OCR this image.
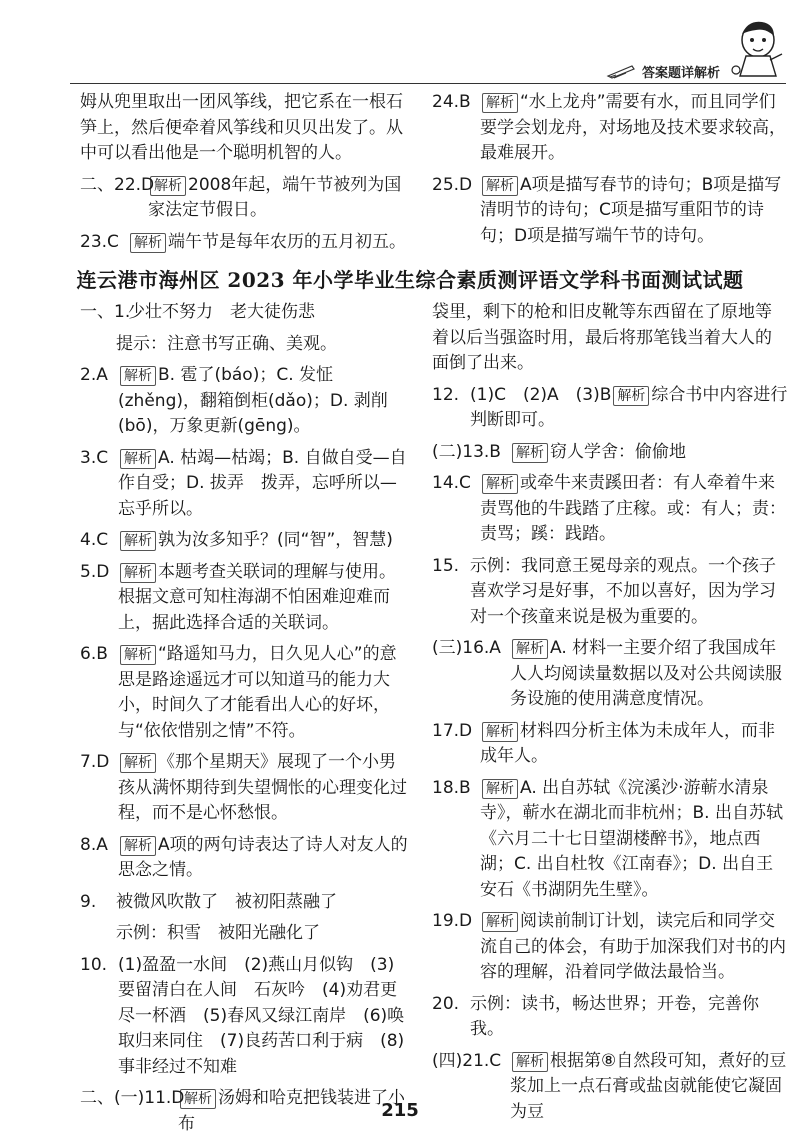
答案题详解析
姆从兜里取出一团风筝线，把它系在一根石笋上，然后便牵着风筝线和贝贝出发了。从中可以看出他是一个聪明机智的人。
二、22.D 解析 2008年起，端午节被列为国家法定节假日。
23.C 解析 端午节是每年农历的五月初五。
24.B 解析 “水上龙舟”需要有水，而且同学们要学会划龙舟，对场地及技术要求较高，最难展开。
25.D 解析 A项是描写春节的诗句；B项是描写清明节的诗句；C项是描写重阳节的诗句；D项是描写端午节的诗句。
连云港市海州区 2023 年小学毕业生综合素质测评语文学科书面测试试题
一、1.
少壮不努力　老大徒伤悲
提示：注意书写正确、美观。
2.A 解析 B. 雹了(báo)；C. 发怔(zhěng)，翻箱倒柜(dǎo)；D. 剥削(bō)，万象更新(gēng)。
3.C 解析 A. 枯竭—枯竭；B. 自做自受—自作自受；D. 拔弄　拨弄，忘呼所以—忘乎所以。
4.C 解析 孰为汝多知乎？(同“智”，智慧)
5.D 解析 本题考查关联词的理解与使用。根据文意可知柱海湖不怕困难迎难而上，据此选择合适的关联词。
6.B 解析 “路遥知马力，日久见人心”的意思是路途遥远才可以知道马的能力大小，时间久了才能看出人心的好坏，与“依依惜别之情”不符。
7.D 解析 《那个星期天》展现了一个小男孩从满怀期待到失望惆怅的心理变化过程，而不是心怀愁恨。
8.A 解析 A项的两句诗表达了诗人对友人的思念之情。
9. 被微风吹散了　被初阳蒸融了
示例：积雪　被阳光融化了
10. (1)盈盈一水间　(2)燕山月似钩　(3)要留清白在人间　石灰吟　(4)劝君更尽一杯酒　(5)春风又绿江南岸　(6)唤取归来同住　(7)良药苦口利于病　(8)事非经过不知难
二、(一)11.D 解析 汤姆和哈克把钱装进了小布
袋里，剩下的枪和旧皮靴等东西留在了原地等着以后当强盗时用，最后将那笔钱当着大人的面倒了出来。
12. (1)C　(2)A　(3)B 解析 综合书中内容进行判断即可。
(二)13.B 解析 窃人学舍：偷偷地
14.C 解析 或牵牛来责蹊田者：有人牵着牛来责骂他的牛践踏了庄稼。或：有人；责：责骂；蹊：践踏。
15. 示例：我同意王冕母亲的观点。一个孩子喜欢学习是好事，不加以喜好，因为学习对一个孩童来说是极为重要的。
(三)16.A 解析 A. 材料一主要介绍了我国成年人人均阅读量数据以及对公共阅读服务设施的使用满意度情况。
17.D 解析 材料四分析主体为未成年人，而非成年人。
18.B 解析 A. 出自苏轼《浣溪沙·游蕲水清泉寺》，蕲水在湖北而非杭州；B. 出自苏轼《六月二十七日望湖楼醉书》，地点西湖；C. 出自杜牧《江南春》；D. 出自王安石《书湖阴先生壁》。
19.D 解析 阅读前制订计划，读完后和同学交流自己的体会，有助于加深我们对书的内容的理解，沿着同学做法最恰当。
20. 示例：读书，畅达世界；开卷，完善你我。
(四)21.C 解析 根据第⑧自然段可知，煮好的豆浆加上一点石膏或盐卤就能使它凝固为豆
215
